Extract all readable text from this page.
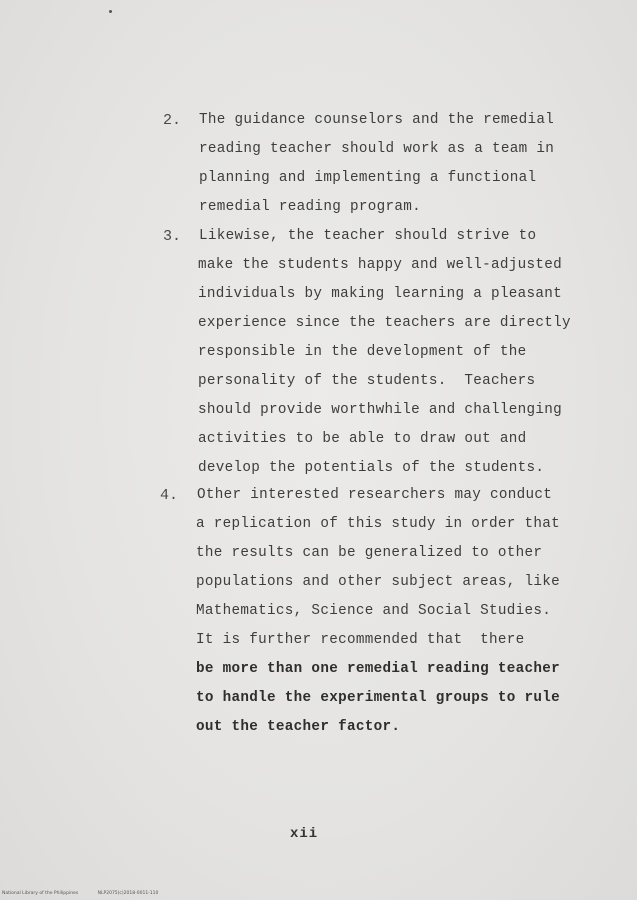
2. The guidance counselors and the remedial
reading teacher should work as a team in
planning and implementing a functional
remedial reading program.
3. Likewise, the teacher should strive to
make the students happy and well-adjusted
individuals by making learning a pleasant
experience since the teachers are directly
responsible in the development of the
personality of the students.  Teachers
should provide worthwhile and challenging
activities to be able to draw out and
develop the potentials of the students.
4. Other interested researchers may conduct
a replication of this study in order that
the results can be generalized to other
populations and other subject areas, like
Mathematics, Science and Social Studies.
It is further recommended that  there
be more than one remedial reading teacher
to handle the experimental groups to rule
out the teacher factor.
xii
National Library of the Philippines	NLP2075(c)2018-0011-110
